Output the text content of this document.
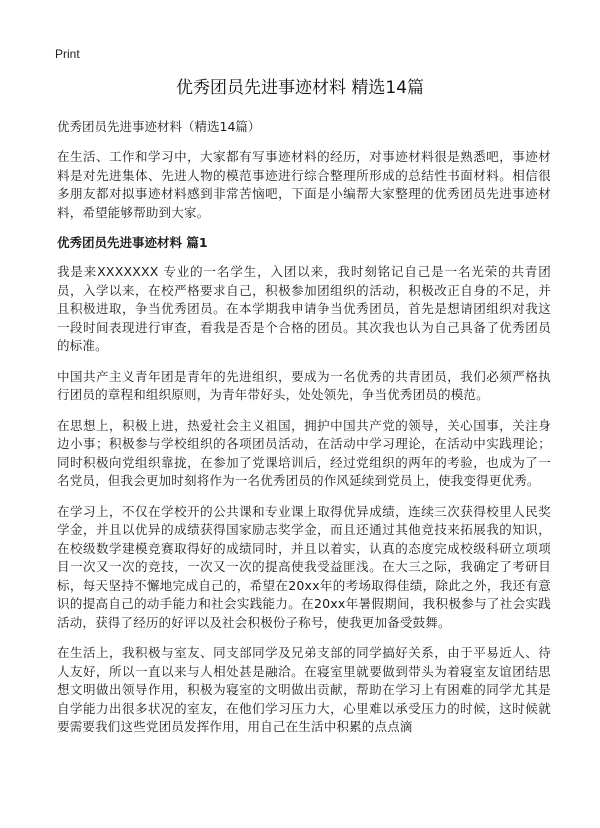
Print
优秀团员先进事迹材料 精选14篇
优秀团员先进事迹材料（精选14篇）

在生活、工作和学习中，大家都有写事迹材料的经历，对事迹材料很是熟悉吧，事迹材料是对先进集体、先进人物的模范事迹进行综合整理所形成的总结性书面材料。相信很多朋友都对拟事迹材料感到非常苦恼吧，下面是小编帮大家整理的优秀团员先进事迹材料，希望能够帮助到大家。

优秀团员先进事迹材料 篇1

我是来XXXXXXX 专业的一名学生，入团以来，我时刻铭记自己是一名光荣的共青团员，入学以来，在校严格要求自己，积极参加团组织的活动，积极改正自身的不足，并且积极进取，争当优秀团员。在本学期我申请争当优秀团员，首先是想请团组织对我这一段时间表现进行审查，看我是否是个合格的团员。其次我也认为自己具备了优秀团员的标准。

中国共产主义青年团是青年的先进组织，要成为一名优秀的共青团员，我们必须严格执行团员的章程和组织原则，为青年带好头，处处领先，争当优秀团员的模范。

在思想上，积极上进，热爱社会主义祖国，拥护中国共产党的领导，关心国事，关注身边小事；积极参与学校组织的各项团员活动，在活动中学习理论，在活动中实践理论；同时积极向党组织靠拢，在参加了党课培训后，经过党组织的两年的考验，也成为了一名党员，但我会更加时刻将作为一名优秀团员的作风延续到党员上，使我变得更优秀。

在学习上，不仅在学校开的公共课和专业课上取得优异成绩，连续三次获得校里人民奖学金，并且以优异的成绩获得国家励志奖学金，而且还通过其他竞技来拓展我的知识，在校级数学建模竞赛取得好的成绩同时，并且以着实，认真的态度完成校级科研立项项目一次又一次的竞技，一次又一次的提高使我受益匪浅。在大三之际，我确定了考研目标，每天坚持不懈地完成自己的，希望在20xx年的考场取得佳绩，除此之外，我还有意识的提高自己的动手能力和社会实践能力。在20xx年暑假期间，我积极参与了社会实践活动，获得了经历的好评以及社会积极份子称号，使我更加备受鼓舞。

在生活上，我积极与室友、同支部同学及兄弟支部的同学搞好关系，由于平易近人、待人友好，所以一直以来与人相处甚是融洽。在寝室里就要做到带头为着寝室友谊团结思想文明做出领导作用，积极为寝室的文明做出贡献，帮助在学习上有困难的同学尤其是自学能力出很多状况的室友，在他们学习压力大，心里难以承受压力的时候，这时候就要需要我们这些党团员发挥作用，用自己在生活中积累的点点滴
